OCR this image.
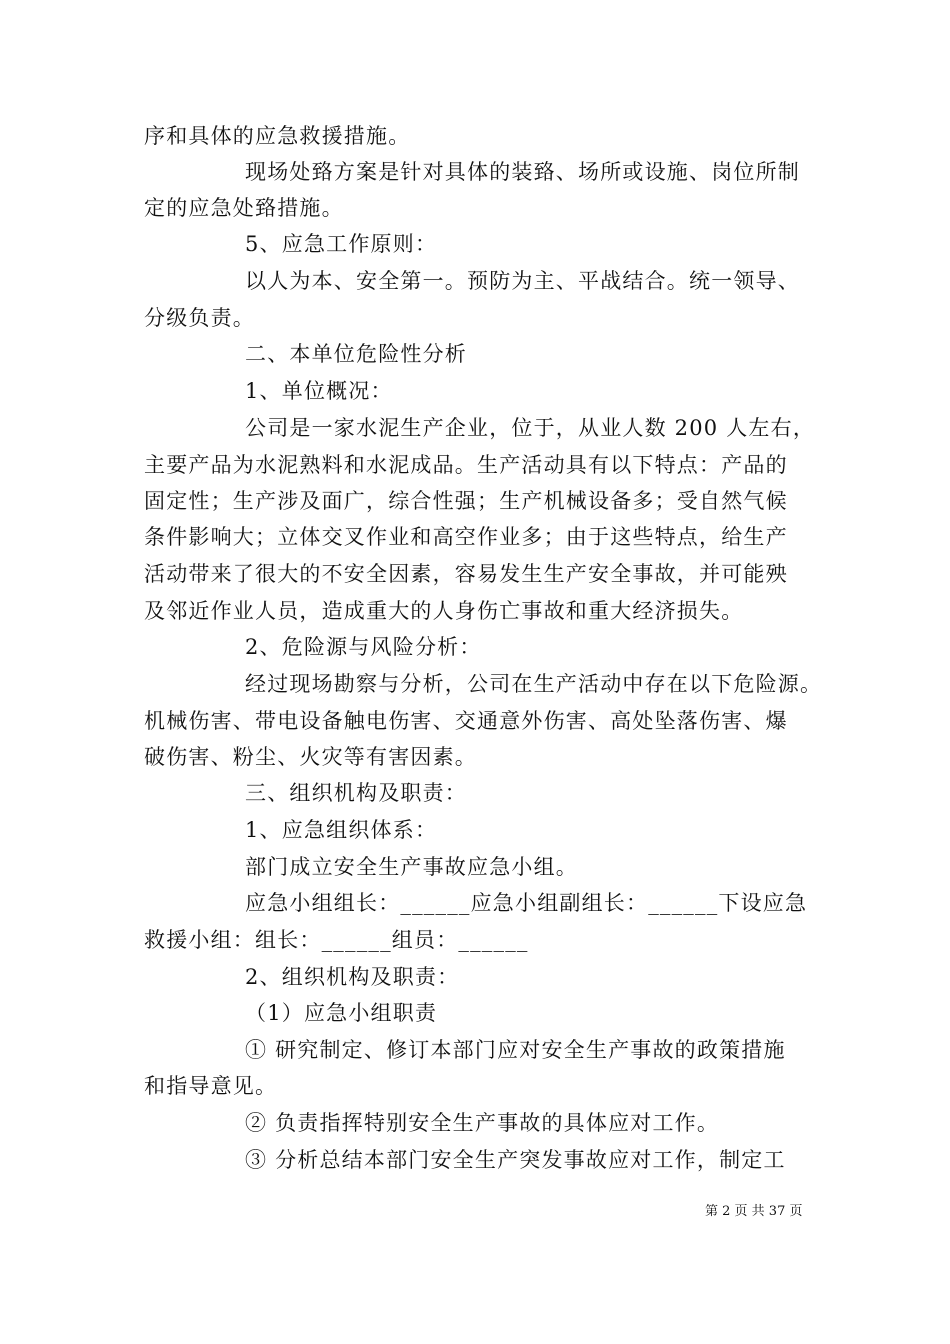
序和具体的应急救援措施。
现场处臵方案是针对具体的装臵、场所或设施、岗位所制
定的应急处臵措施。
5、应急工作原则：
以人为本、安全第一。预防为主、平战结合。统一领导、
分级负责。
二、本单位危险性分析
1、单位概况：
公司是一家水泥生产企业，位于，从业人数 200 人左右，
主要产品为水泥熟料和水泥成品。生产活动具有以下特点：产品的
固定性；生产涉及面广，综合性强；生产机械设备多；受自然气候
条件影响大；立体交叉作业和高空作业多；由于这些特点，给生产
活动带来了很大的不安全因素，容易发生生产安全事故，并可能殃
及邻近作业人员，造成重大的人身伤亡事故和重大经济损失。
2、危险源与风险分析：
经过现场勘察与分析，公司在生产活动中存在以下危险源。
机械伤害、带电设备触电伤害、交通意外伤害、高处坠落伤害、爆
破伤害、粉尘、火灾等有害因素。
三、组织机构及职责：
1、应急组织体系：
部门成立安全生产事故应急小组。
应急小组组长：______应急小组副组长：______下设应急
救援小组：组长：______组员：______
2、组织机构及职责：
（1）应急小组职责
① 研究制定、修订本部门应对安全生产事故的政策措施
和指导意见。
② 负责指挥特别安全生产事故的具体应对工作。
③ 分析总结本部门安全生产突发事故应对工作，制定工
第 2 页 共 37 页
